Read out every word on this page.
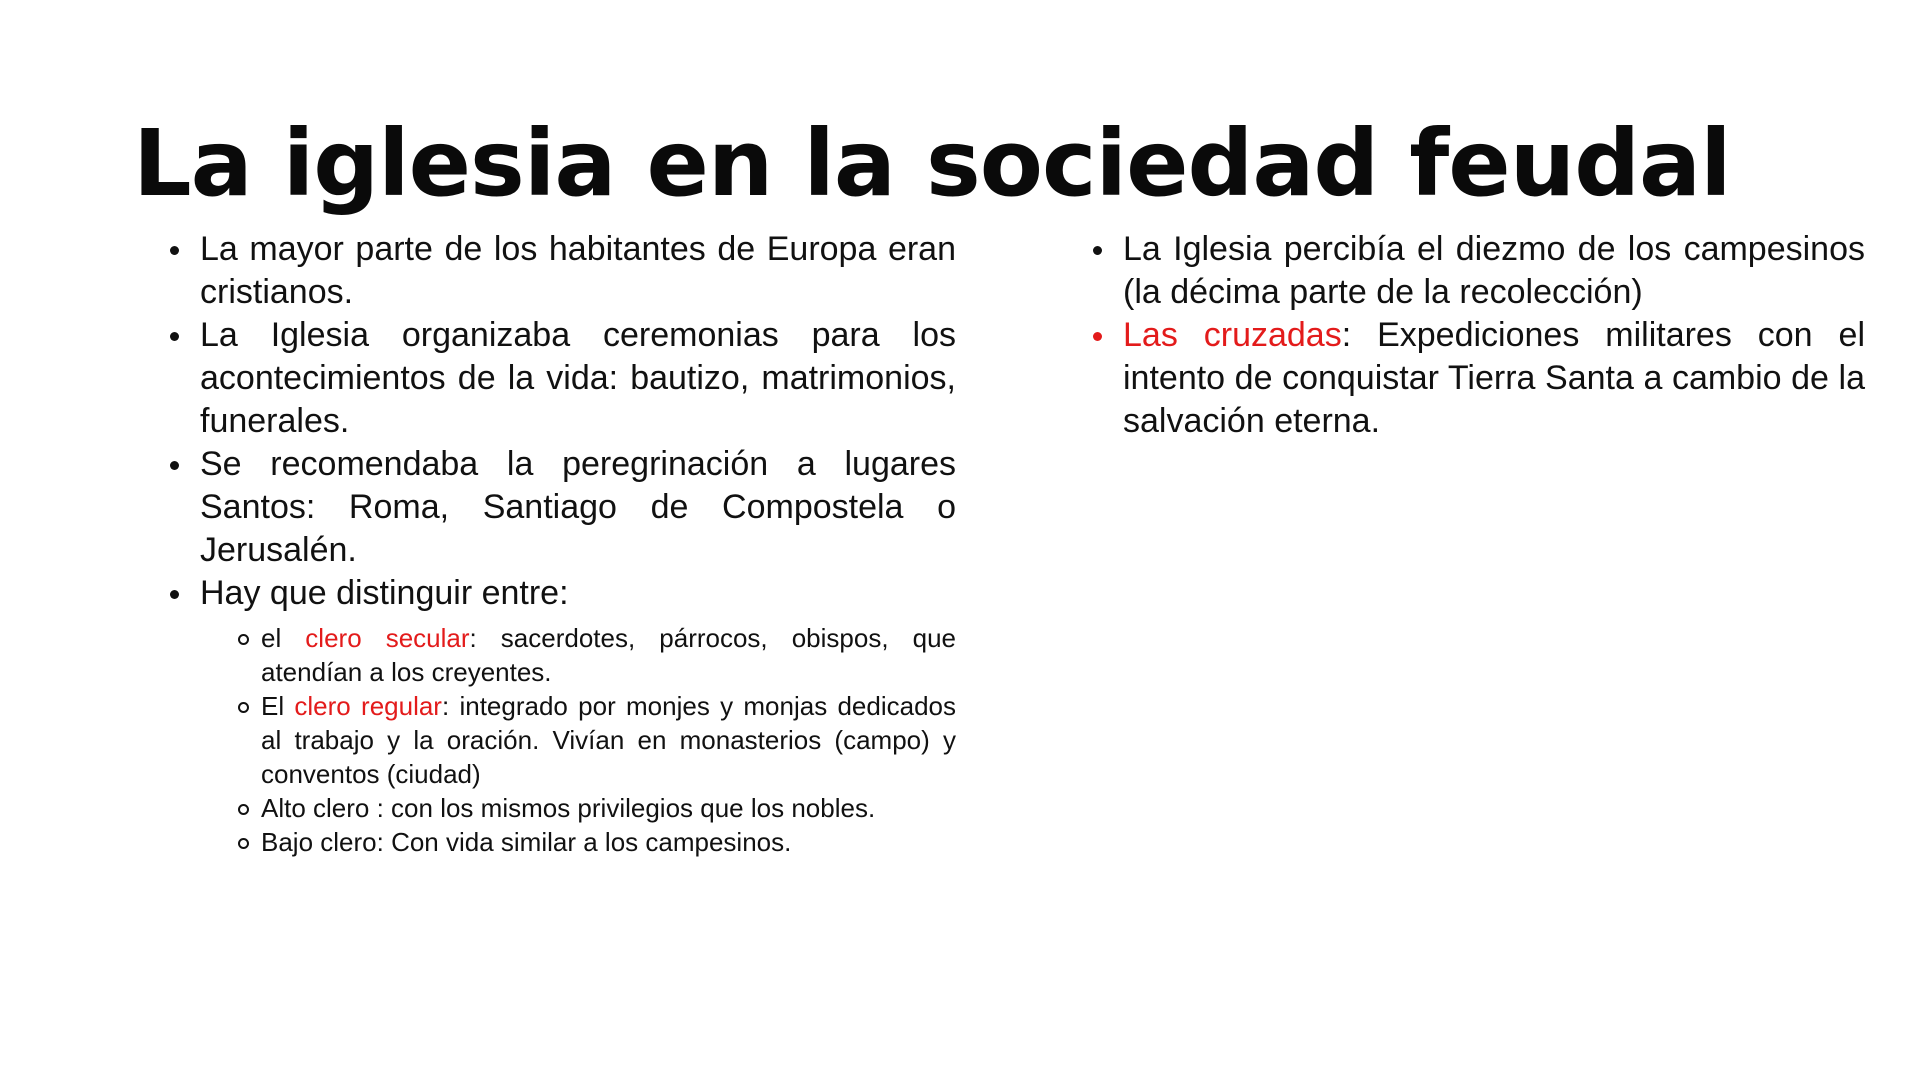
La iglesia en la sociedad feudal
La mayor parte de los habitantes de Europa eran cristianos.
La Iglesia organizaba ceremonias para los acontecimientos de la vida: bautizo, matrimonios, funerales.
Se recomendaba la peregrinación a lugares Santos: Roma, Santiago de Compostela o Jerusalén.
Hay que distinguir entre:
el clero secular: sacerdotes, párrocos, obispos, que atendían a los creyentes.
El clero regular: integrado por monjes y monjas dedicados al trabajo y la oración. Vivían en monasterios (campo) y conventos (ciudad)
Alto clero : con los mismos privilegios que los nobles.
Bajo clero: Con vida similar a los campesinos.
La Iglesia percibía el diezmo de los campesinos (la décima parte de la recolección)
Las cruzadas: Expediciones militares con el intento de conquistar Tierra Santa a cambio de la salvación eterna.
